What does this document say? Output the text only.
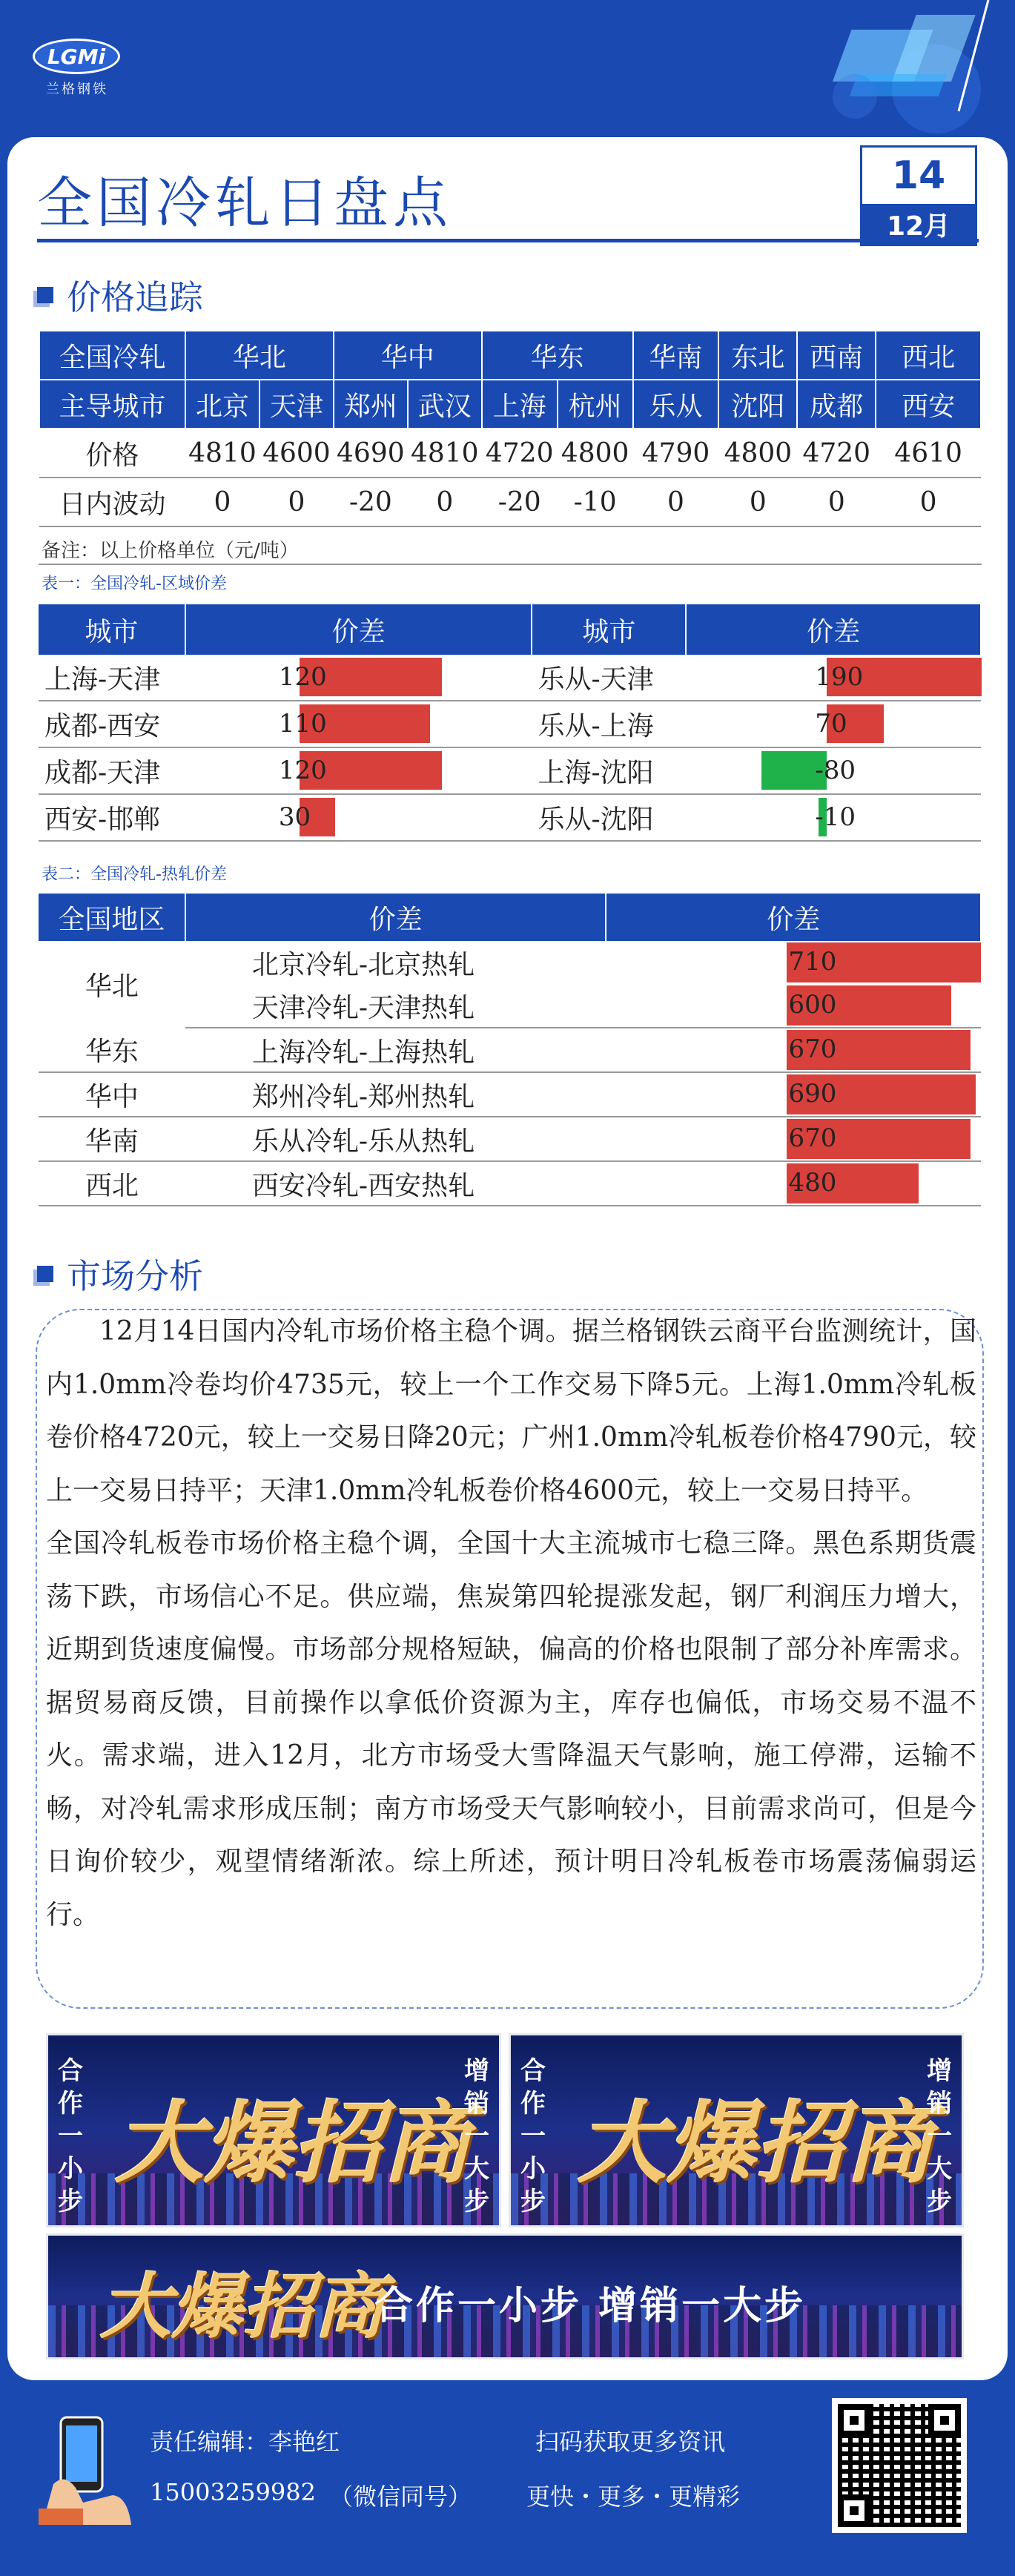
LGMi
兰格钢铁
全国冷轧日盘点	14
12月
价格追踪
全国冷轧	华北		华中		华东		华南	东北	西南	西北
主导城市	北京	天津	郑州	武汉	上海	杭州	乐从	沈阳	成都	西安
价格	4810	4600	4690	4810	4720	4800	4790	4800	4720	4610
日内波动	0	0	-20	0	-20	-10	0	0	0	0
备注：以上价格单位（元/吨）
表一：全国冷轧-区域价差
城市	价差	城市	价差
上海-天津	120	乐从-天津	190

成都-西安	110	乐从-上海	70

成都-天津	120	上海-沈阳	-80

西安-邯郸	30	乐从-沈阳	-10
表二：全国冷轧-热轧价差
全国地区	价差	价差
华北	北京冷轧-北京热轧	710

	天津冷轧-天津热轧	600

华东	上海冷轧-上海热轧	670

华中	郑州冷轧-郑州热轧	690

华南	乐从冷轧-乐从热轧	670

西北	西安冷轧-西安热轧	480
市场分析

12月14日国内冷轧市场价格主稳个调。据兰格钢铁云商平台监测统计，国内1.0mm冷卷均价4735元，较上一个工作交易下降5元。上海1.0mm冷轧板卷价格4720元，较上一交易日降20元；广州1.0mm冷轧板卷价格4790元，较上一交易日持平；天津1.0mm冷轧板卷价格4600元，较上一交易日持平。

全国冷轧板卷市场价格主稳个调，全国十大主流城市七稳三降。黑色系期货震荡下跌，市场信心不足。供应端，焦炭第四轮提涨发起，钢厂利润压力增大，近期到货速度偏慢。市场部分规格短缺，偏高的价格也限制了部分补库需求。据贸易商反馈，目前操作以拿低价资源为主，库存也偏低，市场交易不温不火。需求端，进入12月，北方市场受大雪降温天气影响，施工停滞，运输不畅，对冷轧需求形成压制；南方市场受天气影响较小，目前需求尚可，但是今日询价较少，观望情绪渐浓。综上所述，预计明日冷轧板卷市场震荡偏弱运行。

合作一小步
大爆招商
增销一大步
合作一小步
大爆招商
增销一大步
大爆招商
合作一小步 增销一大步
责任编辑：李艳红
15003259982 （微信同号）
扫码获取更多资讯
更快・更多・更精彩
